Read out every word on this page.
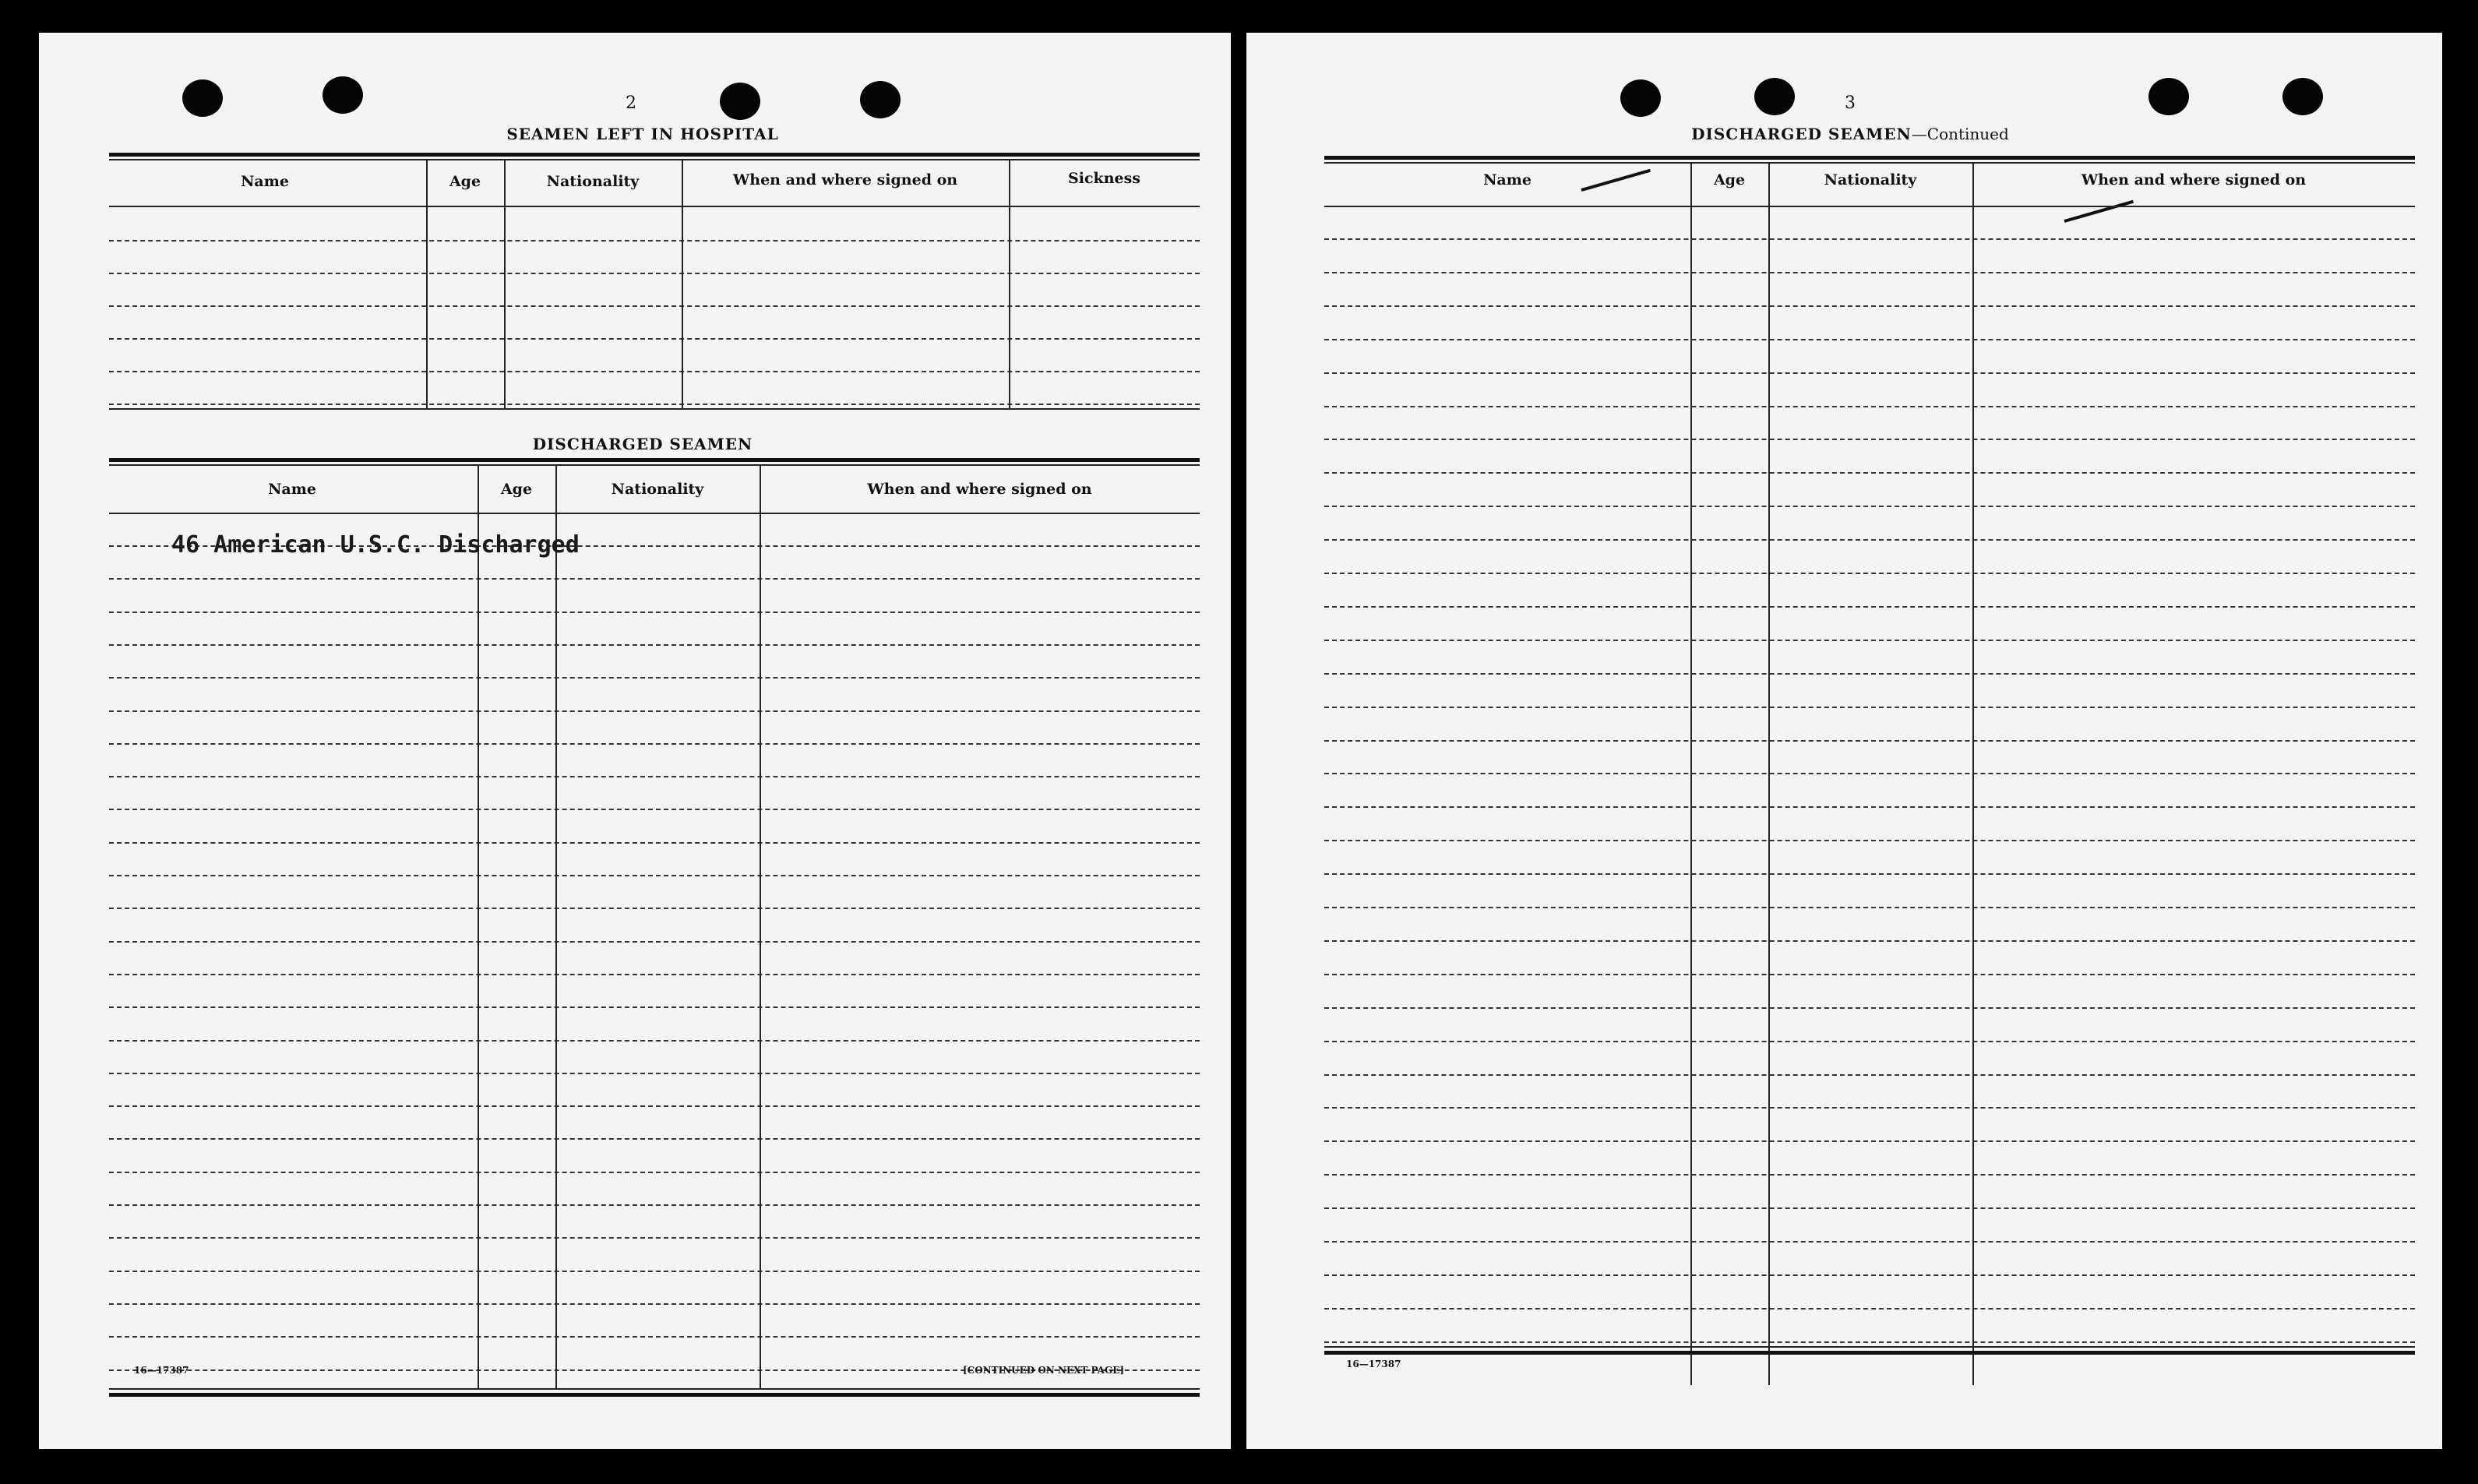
2
SEAMEN LEFT IN HOSPITAL
Name	Age	Nationality	When and where signed on	Sickness
DISCHARGED SEAMEN
Name	Age	Nationality	When and where signed on
46 American U.S.C. Discharged
16—17387	[CONTINUED ON NEXT PAGE]
3
DISCHARGED SEAMEN—Continued
Name	Age	Nationality	When and where signed on
16—17387
